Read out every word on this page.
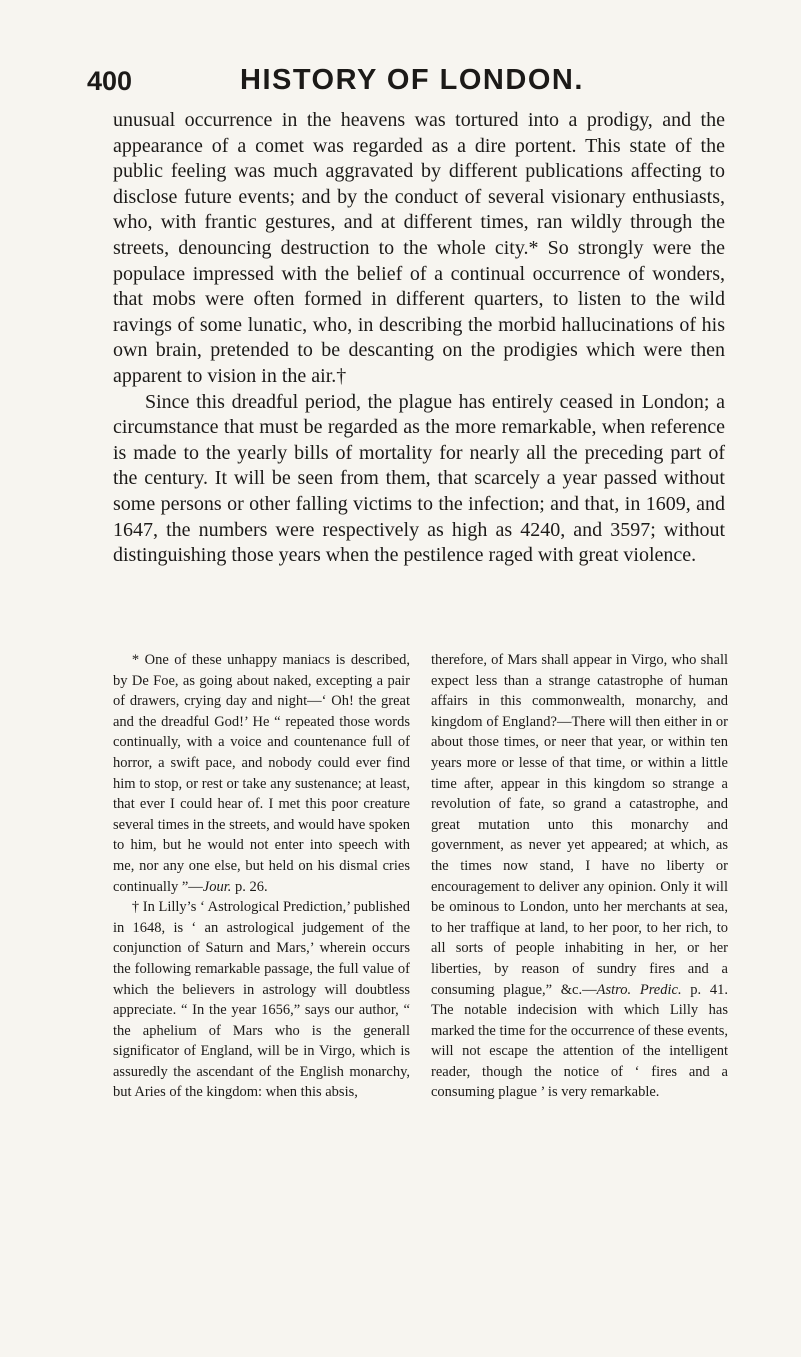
400	HISTORY OF LONDON.

unusual occurrence in the heavens was tortured into a prodigy, and the appearance of a comet was regarded as a dire portent. This state of the public feeling was much aggravated by different publications affecting to disclose future events; and by the conduct of several visionary enthusiasts, who, with frantic gestures, and at different times, ran wildly through the streets, denouncing destruction to the whole city.* So strongly were the populace impressed with the belief of a continual occurrence of wonders, that mobs were often formed in different quarters, to listen to the wild ravings of some lunatic, who, in describing the morbid hallucinations of his own brain, pretended to be descanting on the prodigies which were then apparent to vision in the air.†

Since this dreadful period, the plague has entirely ceased in London; a circumstance that must be regarded as the more remarkable, when reference is made to the yearly bills of mortality for nearly all the preceding part of the century. It will be seen from them, that scarcely a year passed without some persons or other falling victims to the infection; and that, in 1609, and 1647, the numbers were respectively as high as 4240, and 3597; without distinguishing those years when the pestilence raged with great violence.

* One of these unhappy maniacs is described, by De Foe, as going about naked, excepting a pair of drawers, crying day and night—‘ Oh! the great and the dreadful God!’ He “ repeated those words continually, with a voice and countenance full of horror, a swift pace, and nobody could ever find him to stop, or rest or take any sustenance; at least, that ever I could hear of. I met this poor creature several times in the streets, and would have spoken to him, but he would not enter into speech with me, nor any one else, but held on his dismal cries continually ”—Jour. p. 26.

† In Lilly’s ‘ Astrological Prediction,’ published in 1648, is ‘ an astrological judgement of the conjunction of Saturn and Mars,’ wherein occurs the following remarkable passage, the full value of which the believers in astrology will doubtless appreciate. “ In the year 1656,” says our author, “ the aphelium of Mars who is the generall significator of England, will be in Virgo, which is assuredly the ascendant of the English monarchy, but Aries of the kingdom: when this absis,

therefore, of Mars shall appear in Virgo, who shall expect less than a strange catastrophe of human affairs in this commonwealth, monarchy, and kingdom of England?—There will then either in or about those times, or neer that year, or within ten years more or lesse of that time, or within a little time after, appear in this kingdom so strange a revolution of fate, so grand a catastrophe, and great mutation unto this monarchy and government, as never yet appeared; at which, as the times now stand, I have no liberty or encouragement to deliver any opinion. Only it will be ominous to London, unto her merchants at sea, to her traffique at land, to her poor, to her rich, to all sorts of people inhabiting in her, or her liberties, by reason of sundry fires and a consuming plague,” &c.—Astro. Predic. p. 41. The notable indecision with which Lilly has marked the time for the occurrence of these events, will not escape the attention of the intelligent reader, though the notice of ‘ fires and a consuming plague ’ is very remarkable.
